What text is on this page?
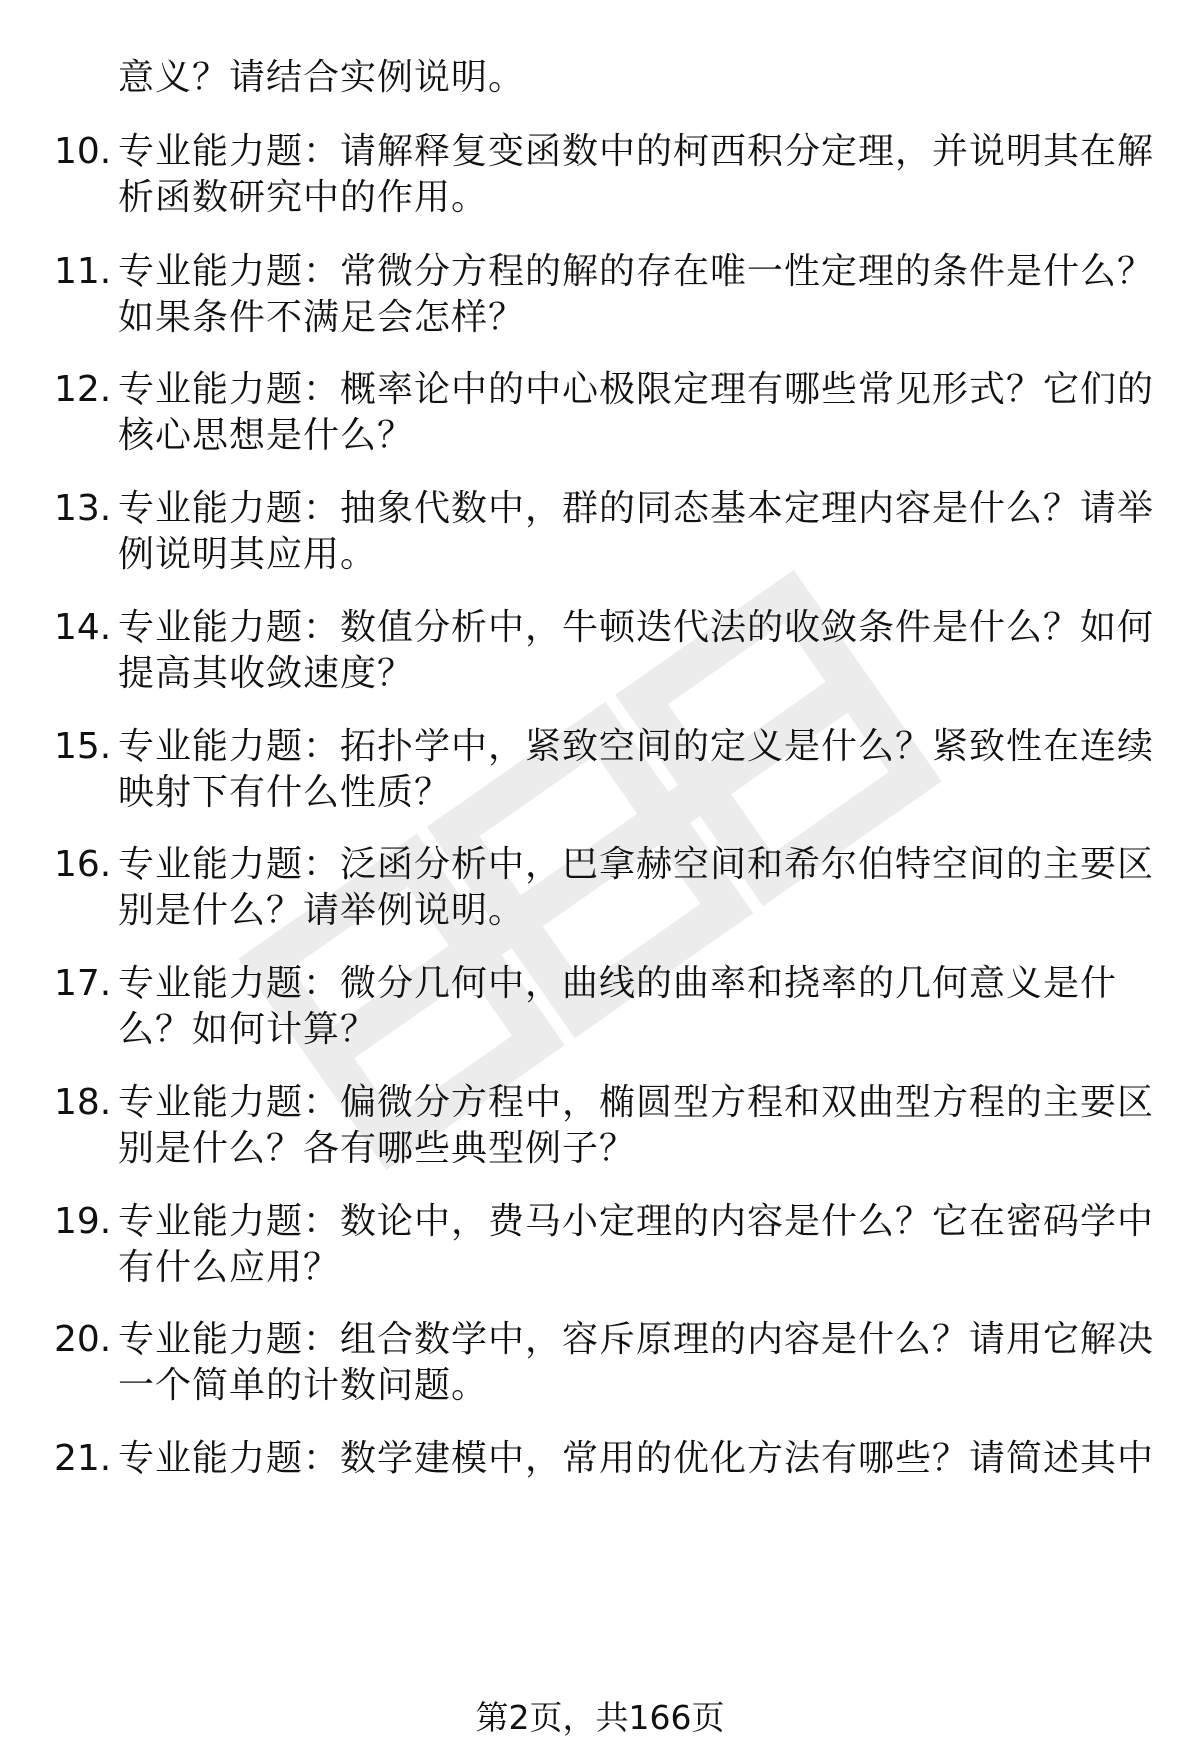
意义？请结合实例说明。
10. 专业能力题：请解释复变函数中的柯西积分定理，并说明其在解
析函数研究中的作用。
11. 专业能力题：常微分方程的解的存在唯一性定理的条件是什么？
如果条件不满足会怎样？
12. 专业能力题：概率论中的中心极限定理有哪些常见形式？它们的
核心思想是什么？
13. 专业能力题：抽象代数中，群的同态基本定理内容是什么？请举
例说明其应用。
14. 专业能力题：数值分析中，牛顿迭代法的收敛条件是什么？如何
提高其收敛速度？
15. 专业能力题：拓扑学中，紧致空间的定义是什么？紧致性在连续
映射下有什么性质？
16. 专业能力题：泛函分析中，巴拿赫空间和希尔伯特空间的主要区
别是什么？请举例说明。
17. 专业能力题：微分几何中，曲线的曲率和挠率的几何意义是什
么？如何计算？
18. 专业能力题：偏微分方程中，椭圆型方程和双曲型方程的主要区
别是什么？各有哪些典型例子？
19. 专业能力题：数论中，费马小定理的内容是什么？它在密码学中
有什么应用？
20. 专业能力题：组合数学中，容斥原理的内容是什么？请用它解决
一个简单的计数问题。
21. 专业能力题：数学建模中，常用的优化方法有哪些？请简述其中
第2页，共166页
